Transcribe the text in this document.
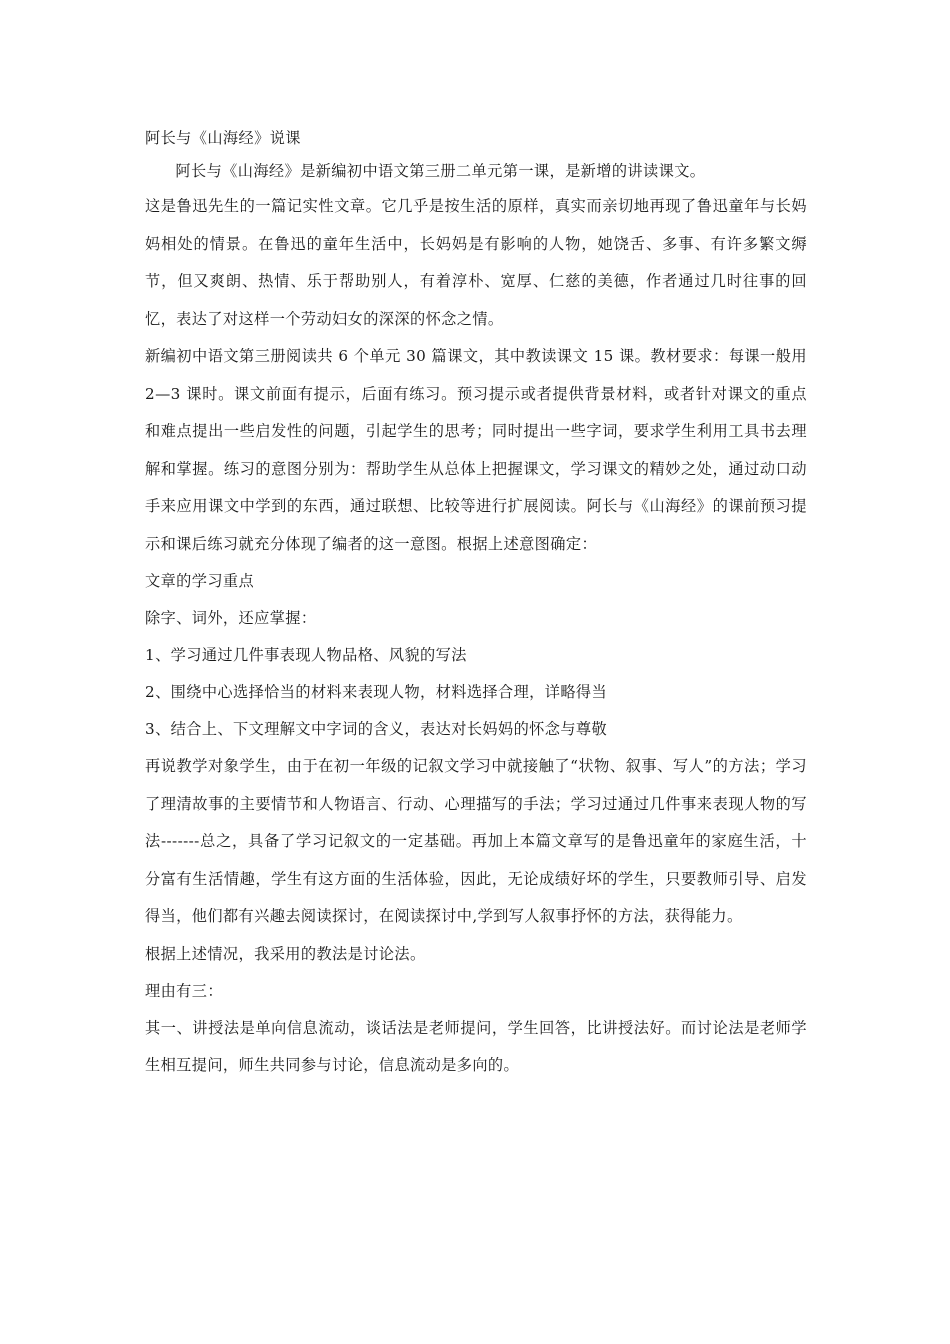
阿长与《山海经》说课

阿长与《山海经》是新编初中语文第三册二单元第一课，是新增的讲读课文。

这是鲁迅先生的一篇记实性文章。它几乎是按生活的原样，真实而亲切地再现了鲁迅童年与长妈妈相处的情景。在鲁迅的童年生活中，长妈妈是有影响的人物，她饶舌、多事、有许多繁文缛节，但又爽朗、热情、乐于帮助别人，有着淳朴、宽厚、仁慈的美德，作者通过几时往事的回忆，表达了对这样一个劳动妇女的深深的怀念之情。

新编初中语文第三册阅读共 6 个单元 30 篇课文，其中教读课文 15 课。教材要求：每课一般用 2—3 课时。课文前面有提示，后面有练习。预习提示或者提供背景材料，或者针对课文的重点和难点提出一些启发性的问题，引起学生的思考；同时提出一些字词，要求学生利用工具书去理解和掌握。练习的意图分别为：帮助学生从总体上把握课文，学习课文的精妙之处，通过动口动手来应用课文中学到的东西，通过联想、比较等进行扩展阅读。阿长与《山海经》的课前预习提示和课后练习就充分体现了编者的这一意图。根据上述意图确定：

文章的学习重点

除字、词外，还应掌握：

1、学习通过几件事表现人物品格、风貌的写法

2、围绕中心选择恰当的材料来表现人物，材料选择合理，详略得当

3、结合上、下文理解文中字词的含义，表达对长妈妈的怀念与尊敬

再说教学对象学生，由于在初一年级的记叙文学习中就接触了“状物、叙事、写人”的方法；学习了理清故事的主要情节和人物语言、行动、心理描写的手法；学习过通过几件事来表现人物的写法-------总之，具备了学习记叙文的一定基础。再加上本篇文章写的是鲁迅童年的家庭生活，十分富有生活情趣，学生有这方面的生活体验，因此，无论成绩好坏的学生，只要教师引导、启发得当，他们都有兴趣去阅读探讨，在阅读探讨中,学到写人叙事抒怀的方法，获得能力。

根据上述情况，我采用的教法是讨论法。

理由有三：

其一、讲授法是单向信息流动，谈话法是老师提问，学生回答，比讲授法好。而讨论法是老师学生相互提问，师生共同参与讨论，信息流动是多向的。
